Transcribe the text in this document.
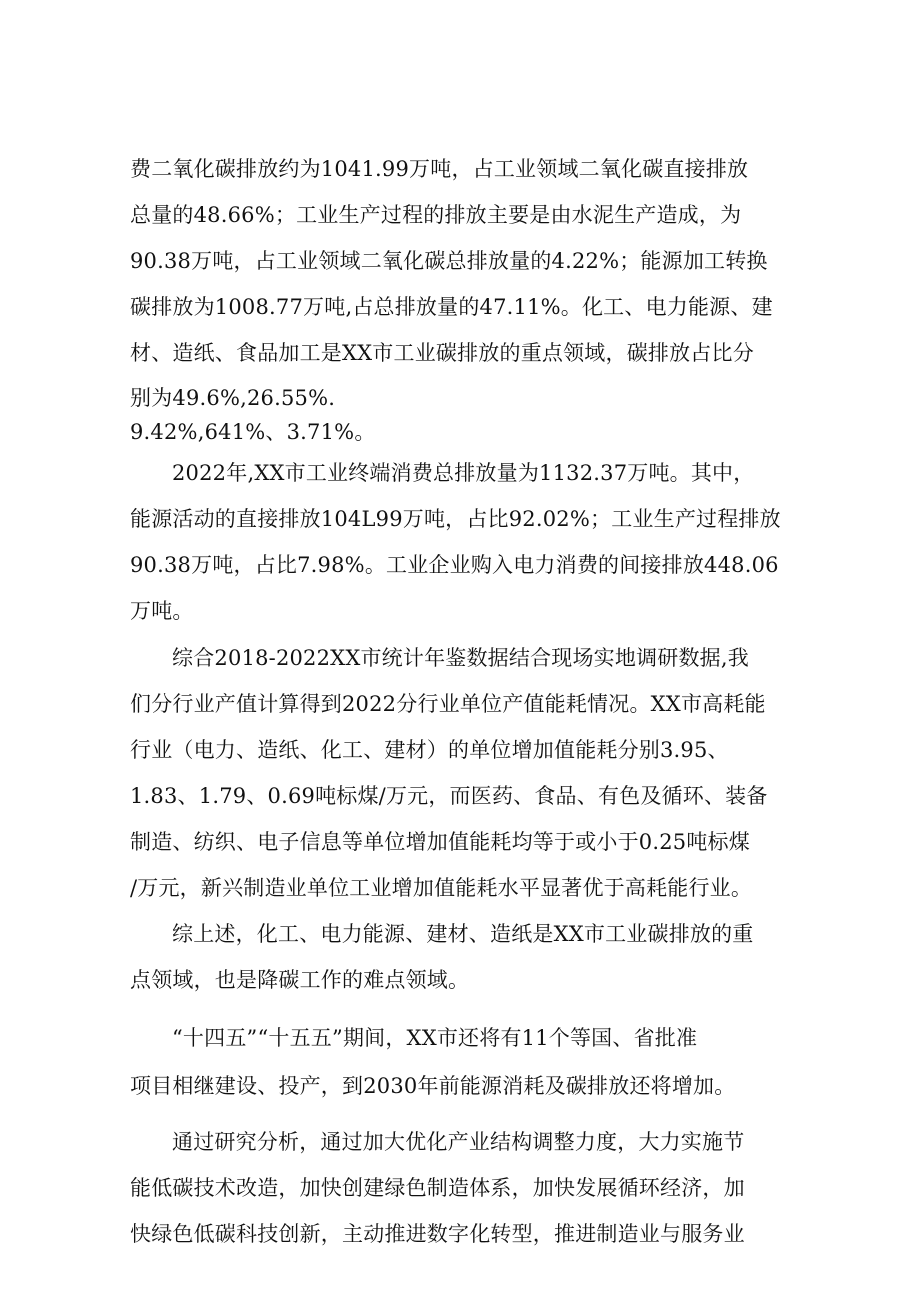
费二氧化碳排放约为1041.99万吨，占工业领域二氧化碳直接排放
总量的48.66%；工业生产过程的排放主要是由水泥生产造成，为
90.38万吨，占工业领域二氧化碳总排放量的4.22%；能源加工转换
碳排放为1008.77万吨,占总排放量的47.11%。化工、电力能源、建
材、造纸、食品加工是XX市工业碳排放的重点领域，碳排放占比分
别为49.6%,26.55%.
9.42%,641%、3.71%。
2022年,XX市工业终端消费总排放量为1132.37万吨。其中，
能源活动的直接排放104L99万吨，占比92.02%；工业生产过程排放
90.38万吨，占比7.98%。工业企业购入电力消费的间接排放448.06
万吨。
综合2018-2022XX市统计年鉴数据结合现场实地调研数据,我
们分行业产值计算得到2022分行业单位产值能耗情况。XX市高耗能
行业（电力、造纸、化工、建材）的单位增加值能耗分别3.95、
1.83、1.79、0.69吨标煤/万元，而医药、食品、有色及循环、装备
制造、纺织、电子信息等单位增加值能耗均等于或小于0.25吨标煤
/万元，新兴制造业单位工业增加值能耗水平显著优于高耗能行业。
综上述，化工、电力能源、建材、造纸是XX市工业碳排放的重
点领域，也是降碳工作的难点领域。
“十四五”“十五五”期间，XX市还将有11个等国、省批准
项目相继建设、投产，到2030年前能源消耗及碳排放还将增加。
通过研究分析，通过加大优化产业结构调整力度，大力实施节
能低碳技术改造，加快创建绿色制造体系，加快发展循环经济，加
快绿色低碳科技创新，主动推进数字化转型，推进制造业与服务业
